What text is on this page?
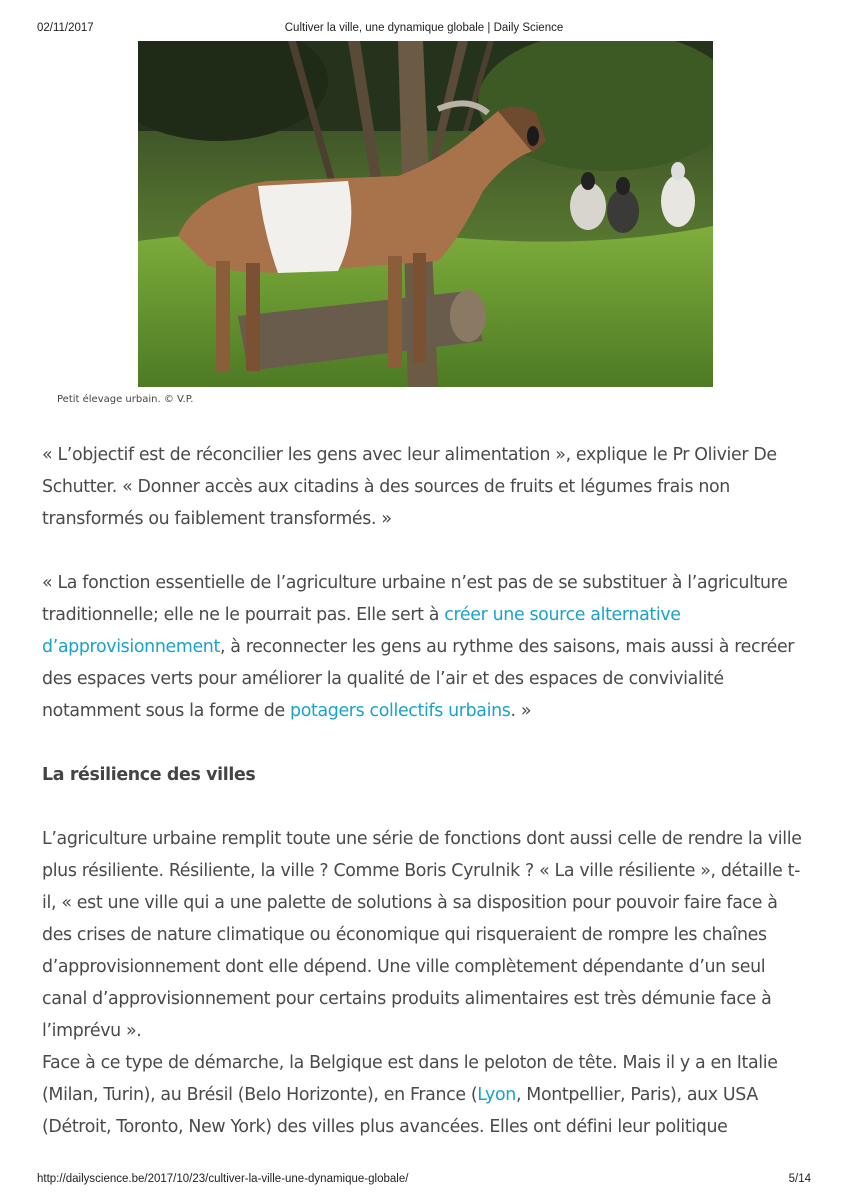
02/11/2017	Cultiver la ville, une dynamique globale | Daily Science
Petit élevage urbain. © V.P.

« L’objectif est de réconcilier les gens avec leur alimentation », explique le Pr Olivier De Schutter. « Donner accès aux citadins à des sources de fruits et légumes frais non transformés ou faiblement transformés. »

« La fonction essentielle de l’agriculture urbaine n’est pas de se substituer à l’agriculture traditionnelle; elle ne le pourrait pas. Elle sert à créer une source alternative d’approvisionnement, à reconnecter les gens au rythme des saisons, mais aussi à recréer des espaces verts pour améliorer la qualité de l’air et des espaces de convivialité notamment sous la forme de potagers collectifs urbains. »

La résilience des villes

L’agriculture urbaine remplit toute une série de fonctions dont aussi celle de rendre la ville plus résiliente. Résiliente, la ville ? Comme Boris Cyrulnik ? « La ville résiliente », détaille t-il, « est une ville qui a une palette de solutions à sa disposition pour pouvoir faire face à des crises de nature climatique ou économique qui risqueraient de rompre les chaînes d’approvisionnement dont elle dépend. Une ville complètement dépendante d’un seul canal d’approvisionnement pour certains produits alimentaires est très démunie face à l’imprévu ».

Face à ce type de démarche, la Belgique est dans le peloton de tête. Mais il y a en Italie (Milan, Turin), au Brésil (Belo Horizonte), en France (Lyon, Montpellier, Paris), aux USA (Détroit, Toronto, New York) des villes plus avancées. Elles ont défini leur politique

http://dailyscience.be/2017/10/23/cultiver-la-ville-une-dynamique-globale/	5/14
